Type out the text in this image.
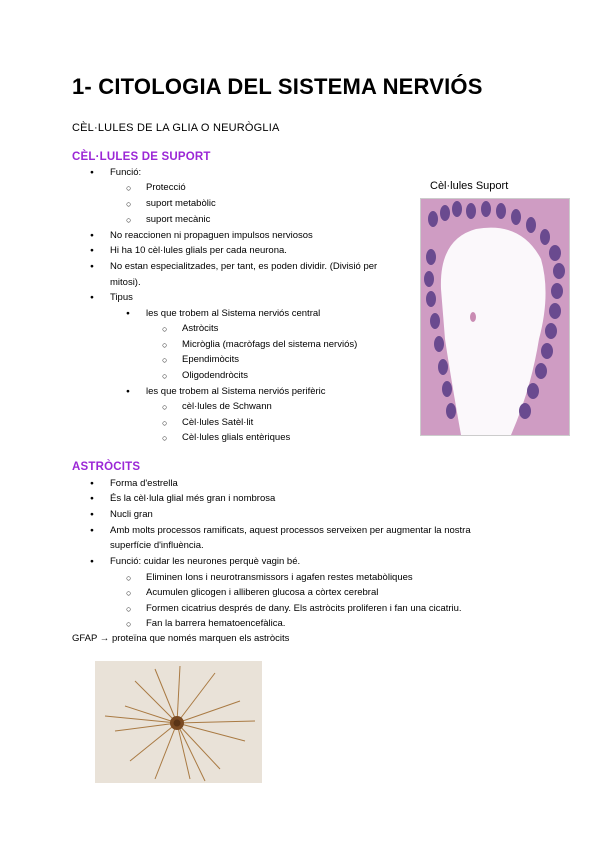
1- CITOLOGIA DEL SISTEMA NERVIÓS
CÈL·LULES DE LA GLIA O NEURÒGLIA
CÈL·LULES DE SUPORT
● Funció:
○ Protecció
○ suport metabòlic
○ suport mecànic
● No reaccionen ni propaguen impulsos nerviosos
● Hi ha 10 cèl·lules glials per cada neurona.
● No estan especialitzades, per tant, es poden dividir. (Divisió per
mitosi).
● Tipus
● les que trobem al Sistema nerviós central
○ Astròcits
○ Micròglia (macròfags del sistema nerviós)
○ Ependimòcits
○ Oligodendròcits
● les que trobem al Sistema nerviós perifèric
○ cèl·lules de Schwann
○ Cèl·lules Satèl·lit
○ Cèl·lules glials entèriques
Cèl·lules Suport
ASTRÒCITS
● Forma d'estrella
● És la cèl·lula glial més gran i nombrosa
● Nucli gran
● Amb molts processos ramificats, aquest processos serveixen per augmentar la nostra
superfície d'influència.
● Funció: cuidar les neurones perquè vagin bé.
○ Eliminen Ions i neurotransmissors i agafen restes metabòliques
○ Acumulen glicogen i alliberen glucosa a còrtex cerebral
○ Formen cicatrius després de dany. Els astròcits proliferen i fan una cicatriu.
○ Fan la barrera hematoencefàlica.
GFAP → proteïna que només marquen els astròcits
